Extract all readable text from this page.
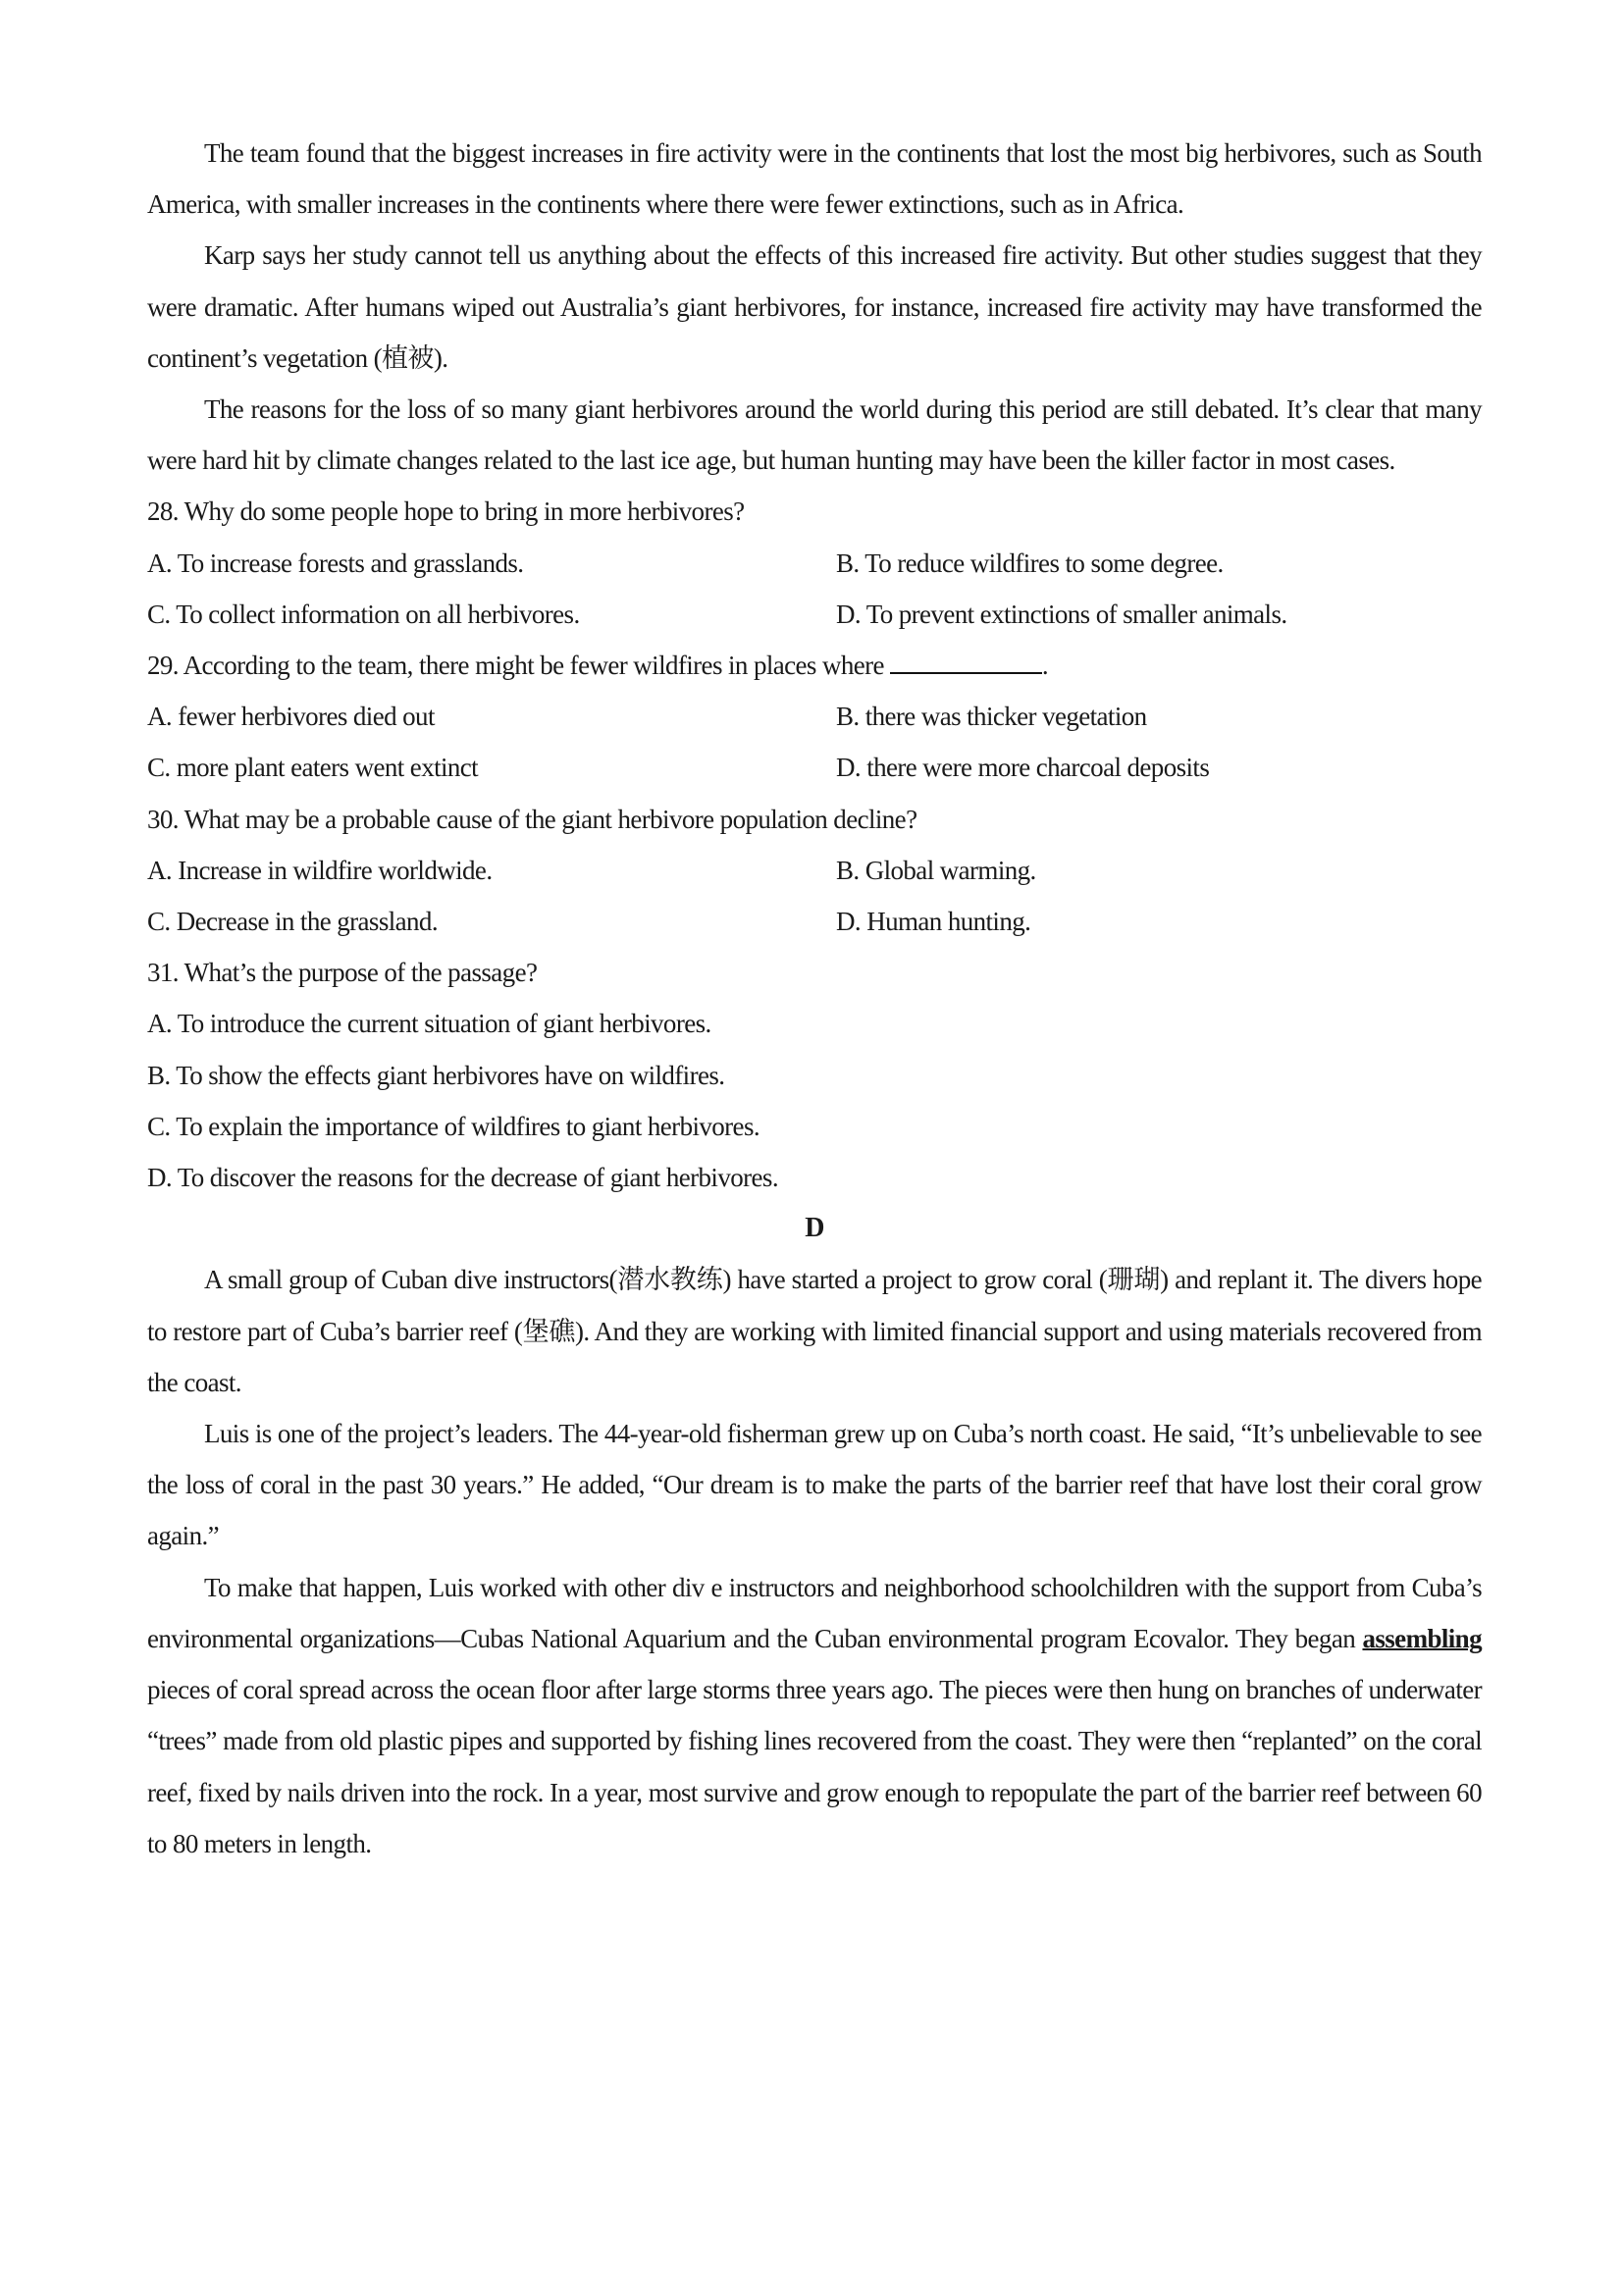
The team found that the biggest increases in fire activity were in the continents that lost the most big herbivores, such as South America, with smaller increases in the continents where there were fewer extinctions, such as in Africa.

Karp says her study cannot tell us anything about the effects of this increased fire activity. But other studies suggest that they were dramatic. After humans wiped out Australia’s giant herbivores, for instance, increased fire activity may have transformed the continent’s vegetation (植被).

The reasons for the loss of so many giant herbivores around the world during this period are still debated. It’s clear that many were hard hit by climate changes related to the last ice age, but human hunting may have been the killer factor in most cases.

28. Why do some people hope to bring in more herbivores?

A. To increase forests and grasslands.	B. To reduce wildfires to some degree.
C. To collect information on all herbivores.	D. To prevent extinctions of smaller animals.

29. According to the team, there might be fewer wildfires in places where	.

A. fewer herbivores died out	B. there was thicker vegetation
C. more plant eaters went extinct	D. there were more charcoal deposits

30. What may be a probable cause of the giant herbivore population decline?

A. Increase in wildfire worldwide.	B. Global warming.
C. Decrease in the grassland.	D. Human hunting.

31. What’s the purpose of the passage?

A. To introduce the current situation of giant herbivores.

B. To show the effects giant herbivores have on wildfires.

C. To explain the importance of wildfires to giant herbivores.

D. To discover the reasons for the decrease of giant herbivores.

D

A small group of Cuban dive instructors(潜水教练) have started a project to grow coral (珊瑚) and replant it. The divers hope to restore part of Cuba’s barrier reef (堡礁). And they are working with limited financial support and using materials recovered from the coast.

Luis is one of the project’s leaders. The 44-year-old fisherman grew up on Cuba’s north coast. He said, “It’s unbelievable to see the loss of coral in the past 30 years.” He added, “Our dream is to make the parts of the barrier reef that have lost their coral grow again.”

To make that happen, Luis worked with other div e instructors and neighborhood schoolchildren with the support from Cuba’s environmental organizations—Cubas National Aquarium and the Cuban environmental program Ecovalor. They began assembling pieces of coral spread across the ocean floor after large storms three years ago. The pieces were then hung on branches of underwater “trees” made from old plastic pipes and supported by fishing lines recovered from the coast. They were then “replanted” on the coral reef, fixed by nails driven into the rock. In a year, most survive and grow enough to repopulate the part of the barrier reef between 60 to 80 meters in length.
